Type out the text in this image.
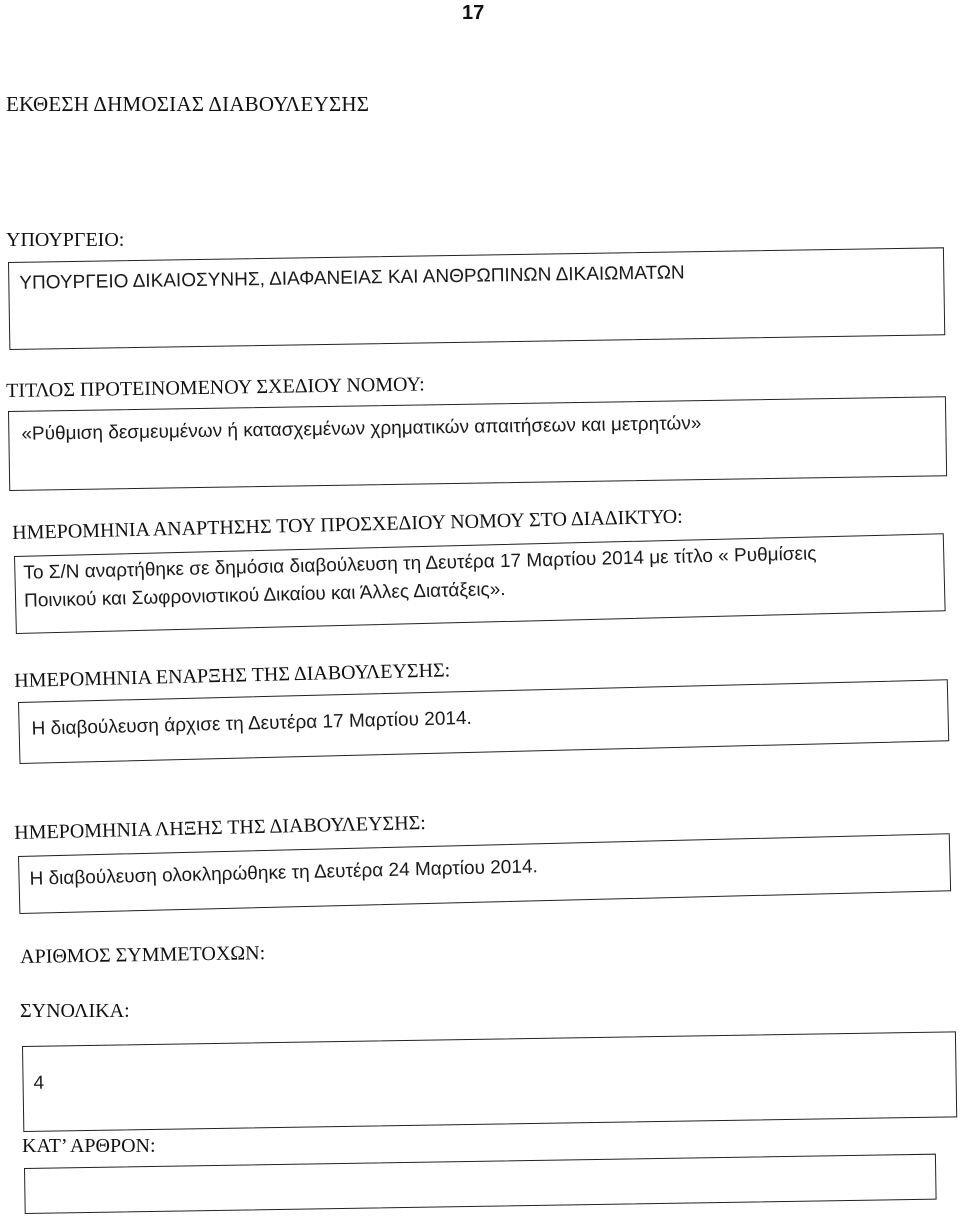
17
ΕΚΘΕΣΗ ΔΗΜΟΣΙΑΣ ΔΙΑΒΟΥΛΕΥΣΗΣ
ΥΠΟΥΡΓΕΙΟ:
ΥΠΟΥΡΓΕΙΟ ΔΙΚΑΙΟΣΥΝΗΣ, ΔΙΑΦΑΝΕΙΑΣ ΚΑΙ ΑΝΘΡΩΠΙΝΩΝ ΔΙΚΑΙΩΜΑΤΩΝ
ΤΙΤΛΟΣ ΠΡΟΤΕΙΝΟΜΕΝΟΥ ΣΧΕΔΙΟΥ ΝΟΜΟΥ:
«Ρύθμιση δεσμευμένων ή κατασχεμένων χρηματικών απαιτήσεων και μετρητών»
ΗΜΕΡΟΜΗΝΙΑ ΑΝΑΡΤΗΣΗΣ ΤΟΥ ΠΡΟΣΧΕΔΙΟΥ ΝΟΜΟΥ ΣΤΟ ΔΙΑΔΙΚΤΥΟ:
Το Σ/Ν αναρτήθηκε σε δημόσια διαβούλευση τη Δευτέρα 17 Μαρτίου 2014 με τίτλο « Ρυθμίσεις
Ποινικού και Σωφρονιστικού Δικαίου και Άλλες Διατάξεις».
ΗΜΕΡΟΜΗΝΙΑ ΕΝΑΡΞΗΣ ΤΗΣ ΔΙΑΒΟΥΛΕΥΣΗΣ:
Η διαβούλευση άρχισε τη Δευτέρα 17 Μαρτίου 2014.
ΗΜΕΡΟΜΗΝΙΑ ΛΗΞΗΣ ΤΗΣ ΔΙΑΒΟΥΛΕΥΣΗΣ:
Η διαβούλευση ολοκληρώθηκε τη Δευτέρα 24 Μαρτίου 2014.
ΑΡΙΘΜΟΣ ΣΥΜΜΕΤΟΧΩΝ:
ΣΥΝΟΛΙΚΑ:
4
ΚΑΤ’ ΑΡΘΡΟΝ:
